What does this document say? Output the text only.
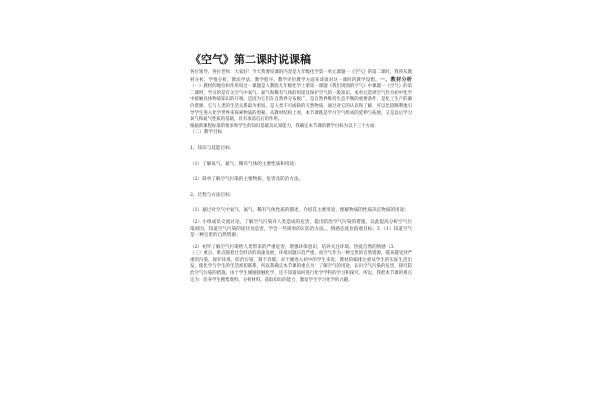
《空气》第二课时说课稿

各位领导、各位老师：大家好！今天我要说课的内容是九年级化学第一单元课题一《空气》的第二课时，我将从教材分析、学情分析、教法学法、教学程序、教学评价教学方面来谈谈对这一课时的教学设想。一、教材分析（一）教材的地位和作用说这一课题是人教版九年级化学上册第一课题《我们周围的空气》中课题一《空气》的第二课时，学习的是有关空气中氧气、氮气和稀有气体的用途及保护空气的一般知识。本单元选择空气作为初中化学中接触具体物质知识的开端，是因为它们在自然界分布极广，是自然界维持生态平衡的重要条件，是化工生产的廉价资源，它与人类的生活关系最为密切。是人类不可或缺的天然物质，通过对它的认识和了解，可以比较顺利地引导学生进入化学世界来探索物质的奥秘。从教材结构上看，本节课既是学习空气组成的延伸与拓展，又是以后学习氧气和氮气性质的基础，具有承前启后的作用。

根据新课程标准的要求和学生的知识基础及认知能力，我确定本节课的教学目标为以下三个方面：

（二）教学目标

1、知识与技能目标：

（1）了解氧气、氮气、稀有气体的主要性质和用途；

（2）简单了解空气污染的主要物质、危害及防治方法。

2、过程与方法目标：

（1）通过对空气中氧气、氮气、稀有气体性质的描述，介绍其主要用途，理解物质的性质决定物质的用途；

（2）小组成员交流讨论，了解空气污染对人类造成的危害，提出防治空气污染的措施，以此提高分析空气污染原因，知道空气污染的途径及危害，学会一些简单的3 防治方法。、情感态度价值观目标：3 （1）知道空气是一种宝贵的自然资源；

（2）初步了解空气污染给人类带来的严重危害，增强环保意识，培养关注环境、热爱自然的情感（3．

（三）重点、难点随着社会经济的高速发展，环境问题日趋严重，而空气作为一种宝贵的自然资源，越来越受到严重的污染，保护环境，防治污染，刻不容缓。对于刚进入初中的学生来说，教材的编排注重从学生的实际生活出发，使化学与学生的生活密切联系，所以我确定本节课的重点为：了解空气的用途，认识空气污染的危害，探究防治空气污染的措施。由于学生刚刚接触化学，还不知道如何进行化学学科的学习和探究，所以，我把本节课的难点定为：培养学生搜集资料、分析材料、获取知识的能力，激发学生学习化学的兴趣。
